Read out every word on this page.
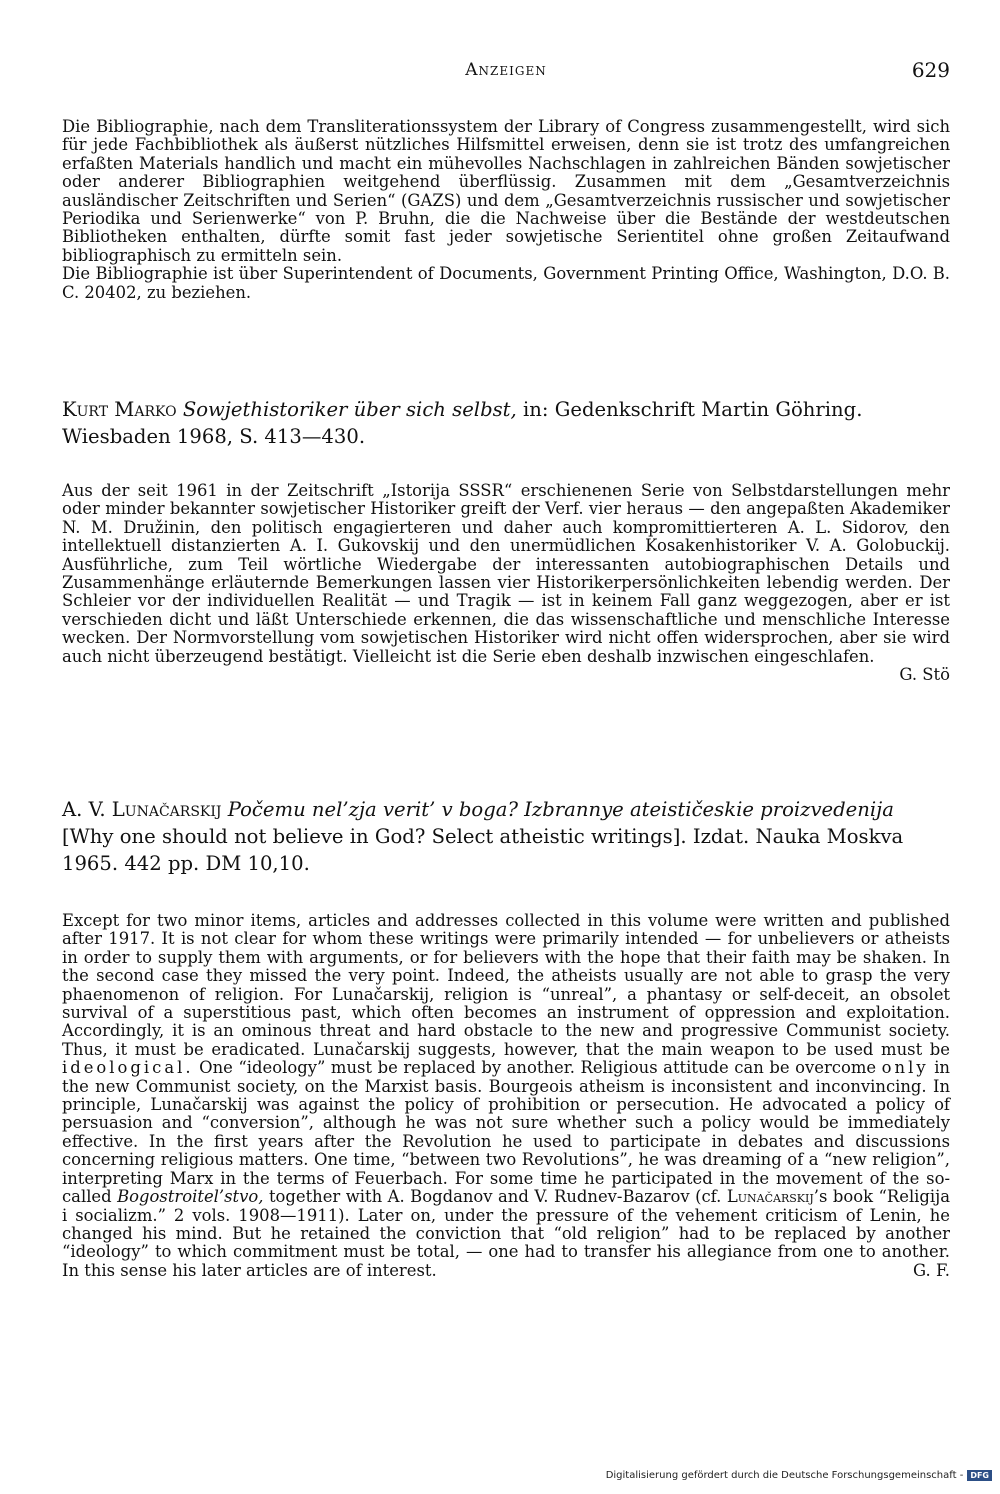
Anzeigen	629

Die Bibliographie, nach dem Transliterationssystem der Library of Congress zusammengestellt, wird sich für jede Fachbibliothek als äußerst nützliches Hilfsmittel erweisen, denn sie ist trotz des umfangreichen erfaßten Materials handlich und macht ein mühevolles Nachschlagen in zahlreichen Bänden sowjetischer oder anderer Bibliographien weitgehend überflüssig. Zusammen mit dem „Gesamtverzeichnis ausländischer Zeitschriften und Serien“ (GAZS) und dem „Gesamtverzeichnis russischer und sowjetischer Periodika und Serienwerke“ von P. Bruhn, die die Nachweise über die Bestände der westdeutschen Bibliotheken enthalten, dürfte somit fast jeder sowjetische Serientitel ohne großen Zeitaufwand bibliographisch zu ermitteln sein.

O. B.
Die Bibliographie ist über Superintendent of Documents, Government Printing Office, Washington, D. C. 20402, zu beziehen.

Kurt Marko Sowjethistoriker über sich selbst, in: Gedenkschrift Martin Göhring. Wiesbaden 1968, S. 413—430.

Aus der seit 1961 in der Zeitschrift „Istorija SSSR“ erschienenen Serie von Selbstdarstellungen mehr oder minder bekannter sowjetischer Historiker greift der Verf. vier heraus — den angepaßten Akademiker N. M. Družinin, den politisch engagierteren und daher auch kompromittierteren A. L. Sidorov, den intellektuell distanzierten A. I. Gukovskij und den unermüdlichen Kosakenhistoriker V. A. Golobuckij. Ausführliche, zum Teil wörtliche Wiedergabe der interessanten autobiographischen Details und Zusammenhänge erläuternde Bemerkungen lassen vier Historikerpersönlichkeiten lebendig werden. Der Schleier vor der individuellen Realität — und Tragik — ist in keinem Fall ganz weggezogen, aber er ist verschieden dicht und läßt Unterschiede erkennen, die das wissenschaftliche und menschliche Interesse wecken. Der Normvorstellung vom sowjetischen Historiker wird nicht offen widersprochen, aber sie wird auch nicht überzeugend bestätigt. Vielleicht ist die Serie eben deshalb inzwischen eingeschlafen.

G. Stö

A. V. Lunačarskij Počemu nel’zja verit’ v boga? Izbrannye ateističeskie proizvedenija [Why one should not believe in God? Select atheistic writings]. Izdat. Nauka Moskva 1965. 442 pp. DM 10,10.

Except for two minor items, articles and addresses collected in this volume were written and published after 1917. It is not clear for whom these writings were primarily intended — for unbelievers or atheists in order to supply them with arguments, or for believers with the hope that their faith may be shaken. In the second case they missed the very point. Indeed, the atheists usually are not able to grasp the very phaenomenon of religion. For Lunačarskij, religion is “unreal”, a phantasy or self-deceit, an obsolet survival of a superstitious past, which often becomes an instrument of oppression and exploitation. Accordingly, it is an ominous threat and hard obstacle to the new and progressive Communist society. Thus, it must be eradicated. Lunačarskij suggests, however, that the main weapon to be used must be ideological. One “ideology” must be replaced by another. Religious attitude can be overcome only in the new Communist society, on the Marxist basis. Bourgeois atheism is inconsistent and inconvincing. In principle, Lunačarskij was against the policy of prohibition or persecution. He advocated a policy of persuasion and “conversion”, although he was not sure whether such a policy would be immediately effective. In the first years after the Revolution he used to participate in debates and discussions concerning religious matters. One time, “between two Revolutions”, he was dreaming of a “new religion”, interpreting Marx in the terms of Feuerbach. For some time he participated in the movement of the so-called Bogostroitel’stvo, together with A. Bogdanov and V. Rudnev-Bazarov (cf. Lunačarskij’s book “Religija i socializm.” 2 vols. 1908—1911). Later on, under the pressure of the vehement criticism of Lenin, he changed his mind. But he retained the conviction that “old religion” had to be replaced by another “ideology” to which commitment must be total, — one had to transfer his allegiance from one to another. In this sense his later articles are of interest.	G. F.

Digitalisierung gefördert durch die Deutsche Forschungsgemeinschaft - DFG
